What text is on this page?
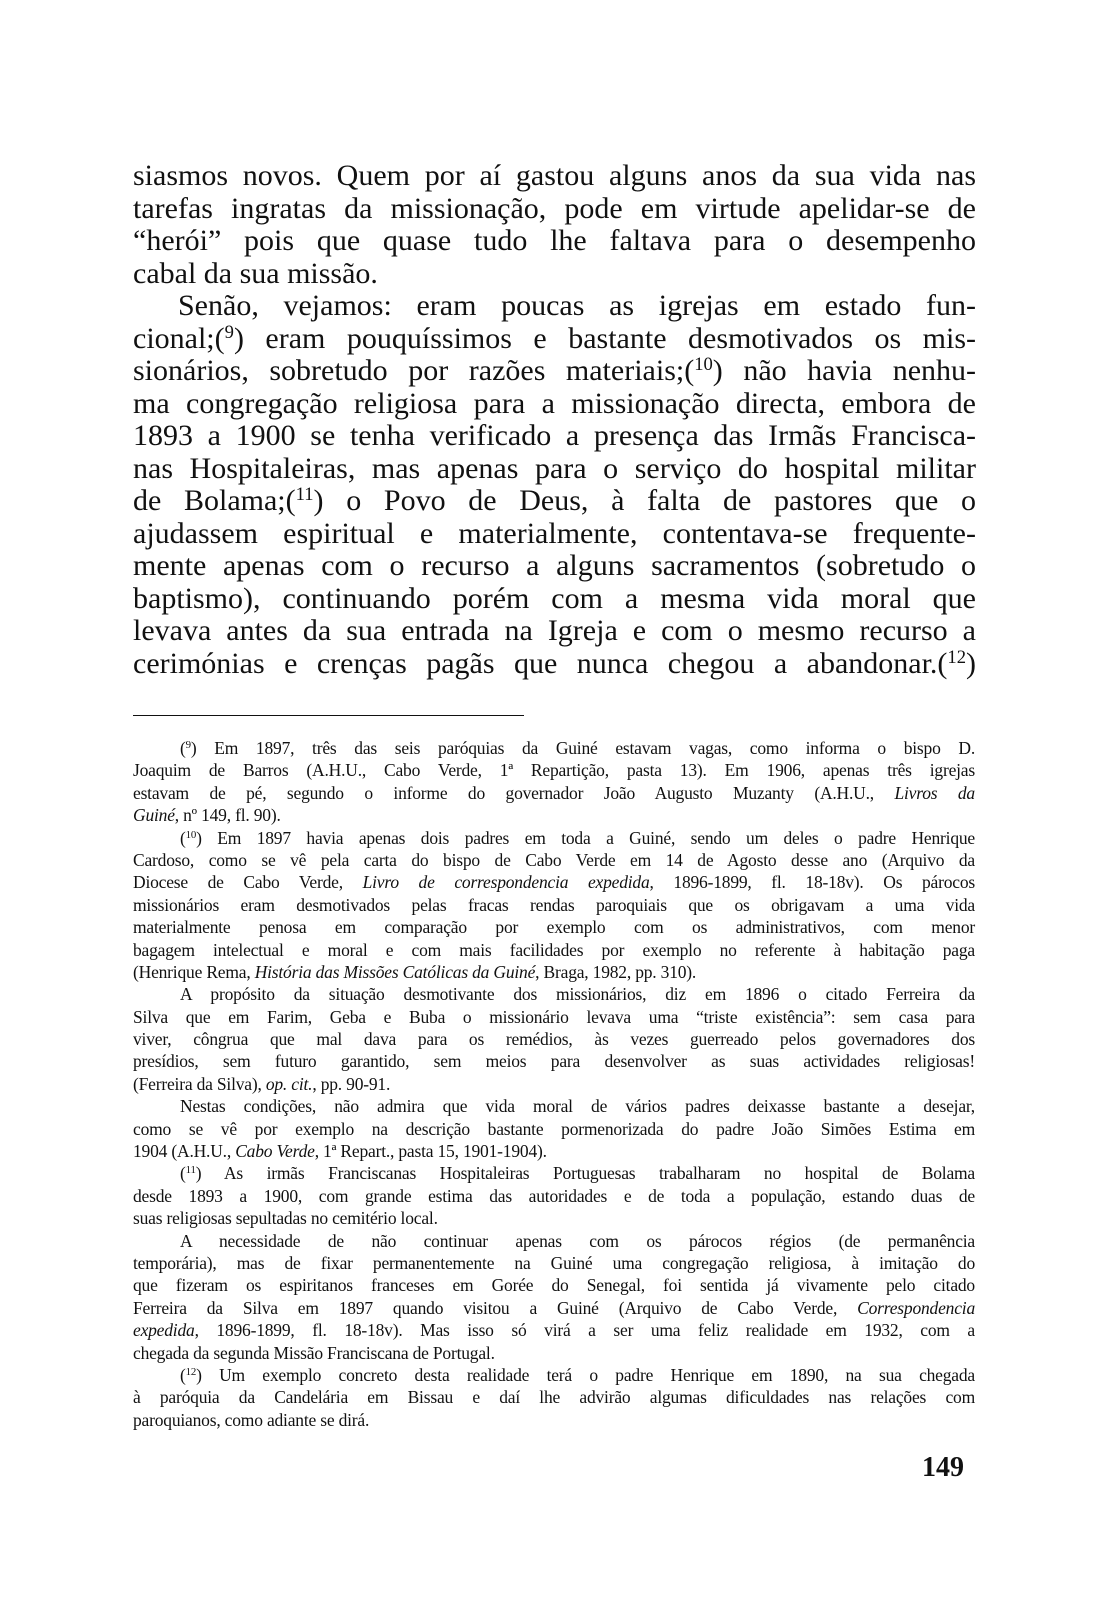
siasmos novos. Quem por aí gastou alguns anos da sua vida nas
tarefas ingratas da missionação, pode em virtude apelidar-se de
“herói” pois que quase tudo lhe faltava para o desempenho
cabal da sua missão.
Senão, vejamos: eram poucas as igrejas em estado fun-
cional;($^9$) eram pouquíssimos e bastante desmotivados os mis-
sionários, sobretudo por razões materiais;($^{10}$) não havia nenhu-
ma congregação religiosa para a missionação directa, embora de
1893 a 1900 se tenha verificado a presença das Irmãs Francisca-
nas Hospitaleiras, mas apenas para o serviço do hospital militar
de Bolama;($^{11}$) o Povo de Deus, à falta de pastores que o
ajudassem espiritual e materialmente, contentava-se frequente-
mente apenas com o recurso a alguns sacramentos (sobretudo o
baptismo), continuando porém com a mesma vida moral que
levava antes da sua entrada na Igreja e com o mesmo recurso a
cerimónias e crenças pagãs que nunca chegou a abandonar.($^{12}$)
($^9$) Em 1897, três das seis paróquias da Guiné estavam vagas, como informa o bispo D.
Joaquim de Barros (A.H.U., Cabo Verde, 1ª Repartição, pasta 13). Em 1906, apenas três igrejas
estavam de pé, segundo o informe do governador João Augusto Muzanty (A.H.U., Livros da
Guiné, nº 149, fl. 90).
($^{10}$) Em 1897 havia apenas dois padres em toda a Guiné, sendo um deles o padre Henrique
Cardoso, como se vê pela carta do bispo de Cabo Verde em 14 de Agosto desse ano (Arquivo da
Diocese de Cabo Verde, Livro de correspondencia expedida, 1896-1899, fl. 18-18v). Os párocos
missionários eram desmotivados pelas fracas rendas paroquiais que os obrigavam a uma vida
materialmente penosa em comparação por exemplo com os administrativos, com menor
bagagem intelectual e moral e com mais facilidades por exemplo no referente à habitação paga
(Henrique Rema, História das Missões Católicas da Guiné, Braga, 1982, pp. 310).
A propósito da situação desmotivante dos missionários, diz em 1896 o citado Ferreira da
Silva que em Farim, Geba e Buba o missionário levava uma “triste existência”: sem casa para
viver, côngrua que mal dava para os remédios, às vezes guerreado pelos governadores dos
presídios, sem futuro garantido, sem meios para desenvolver as suas actividades religiosas!
(Ferreira da Silva), op. cit., pp. 90-91.
Nestas condições, não admira que vida moral de vários padres deixasse bastante a desejar,
como se vê por exemplo na descrição bastante pormenorizada do padre João Simões Estima em
1904 (A.H.U., Cabo Verde, 1ª Repart., pasta 15, 1901-1904).
($^{11}$) As irmãs Franciscanas Hospitaleiras Portuguesas trabalharam no hospital de Bolama
desde 1893 a 1900, com grande estima das autoridades e de toda a população, estando duas de
suas religiosas sepultadas no cemitério local.
A necessidade de não continuar apenas com os párocos régios (de permanência
temporária), mas de fixar permanentemente na Guiné uma congregação religiosa, à imitação do
que fizeram os espiritanos franceses em Gorée do Senegal, foi sentida já vivamente pelo citado
Ferreira da Silva em 1897 quando visitou a Guiné (Arquivo de Cabo Verde, Correspondencia
expedida, 1896-1899, fl. 18-18v). Mas isso só virá a ser uma feliz realidade em 1932, com a
chegada da segunda Missão Franciscana de Portugal.
($^{12}$) Um exemplo concreto desta realidade terá o padre Henrique em 1890, na sua chegada
à paróquia da Candelária em Bissau e daí lhe advirão algumas dificuldades nas relações com
paroquianos, como adiante se dirá.
149
